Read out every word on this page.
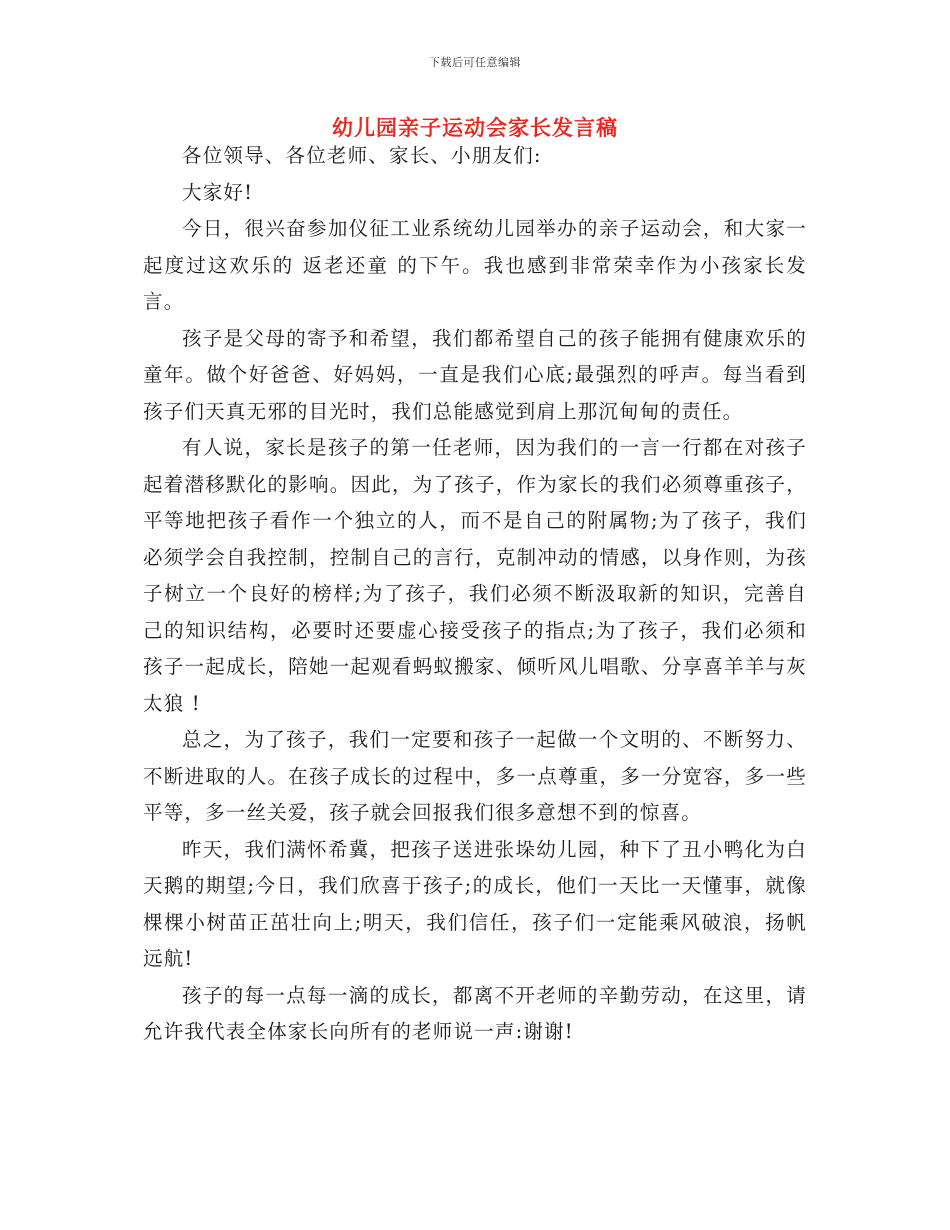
下载后可任意编辑
幼儿园亲子运动会家长发言稿

各位领导、各位老师、家长、小朋友们:

大家好!

今日，很兴奋参加仪征工业系统幼儿园举办的亲子运动会，和大家一起度过这欢乐的 返老还童 的下午。我也感到非常荣幸作为小孩家长发言。

孩子是父母的寄予和希望，我们都希望自己的孩子能拥有健康欢乐的童年。做个好爸爸、好妈妈，一直是我们心底;最强烈的呼声。每当看到孩子们天真无邪的目光时，我们总能感觉到肩上那沉甸甸的责任。

有人说，家长是孩子的第一任老师，因为我们的一言一行都在对孩子起着潜移默化的影响。因此，为了孩子，作为家长的我们必须尊重孩子，平等地把孩子看作一个独立的人，而不是自己的附属物;为了孩子，我们必须学会自我控制，控制自己的言行，克制冲动的情感，以身作则，为孩子树立一个良好的榜样;为了孩子，我们必须不断汲取新的知识，完善自己的知识结构，必要时还要虚心接受孩子的指点;为了孩子，我们必须和孩子一起成长，陪她一起观看蚂蚁搬家、倾听风儿唱歌、分享喜羊羊与灰太狼 !

总之，为了孩子，我们一定要和孩子一起做一个文明的、不断努力、不断进取的人。在孩子成长的过程中，多一点尊重，多一分宽容，多一些平等，多一丝关爱，孩子就会回报我们很多意想不到的惊喜。

昨天，我们满怀希冀，把孩子送进张垛幼儿园，种下了丑小鸭化为白天鹅的期望;今日，我们欣喜于孩子;的成长，他们一天比一天懂事，就像棵棵小树苗正茁壮向上;明天，我们信任，孩子们一定能乘风破浪，扬帆远航!

孩子的每一点每一滴的成长，都离不开老师的辛勤劳动，在这里，请允许我代表全体家长向所有的老师说一声:谢谢!
